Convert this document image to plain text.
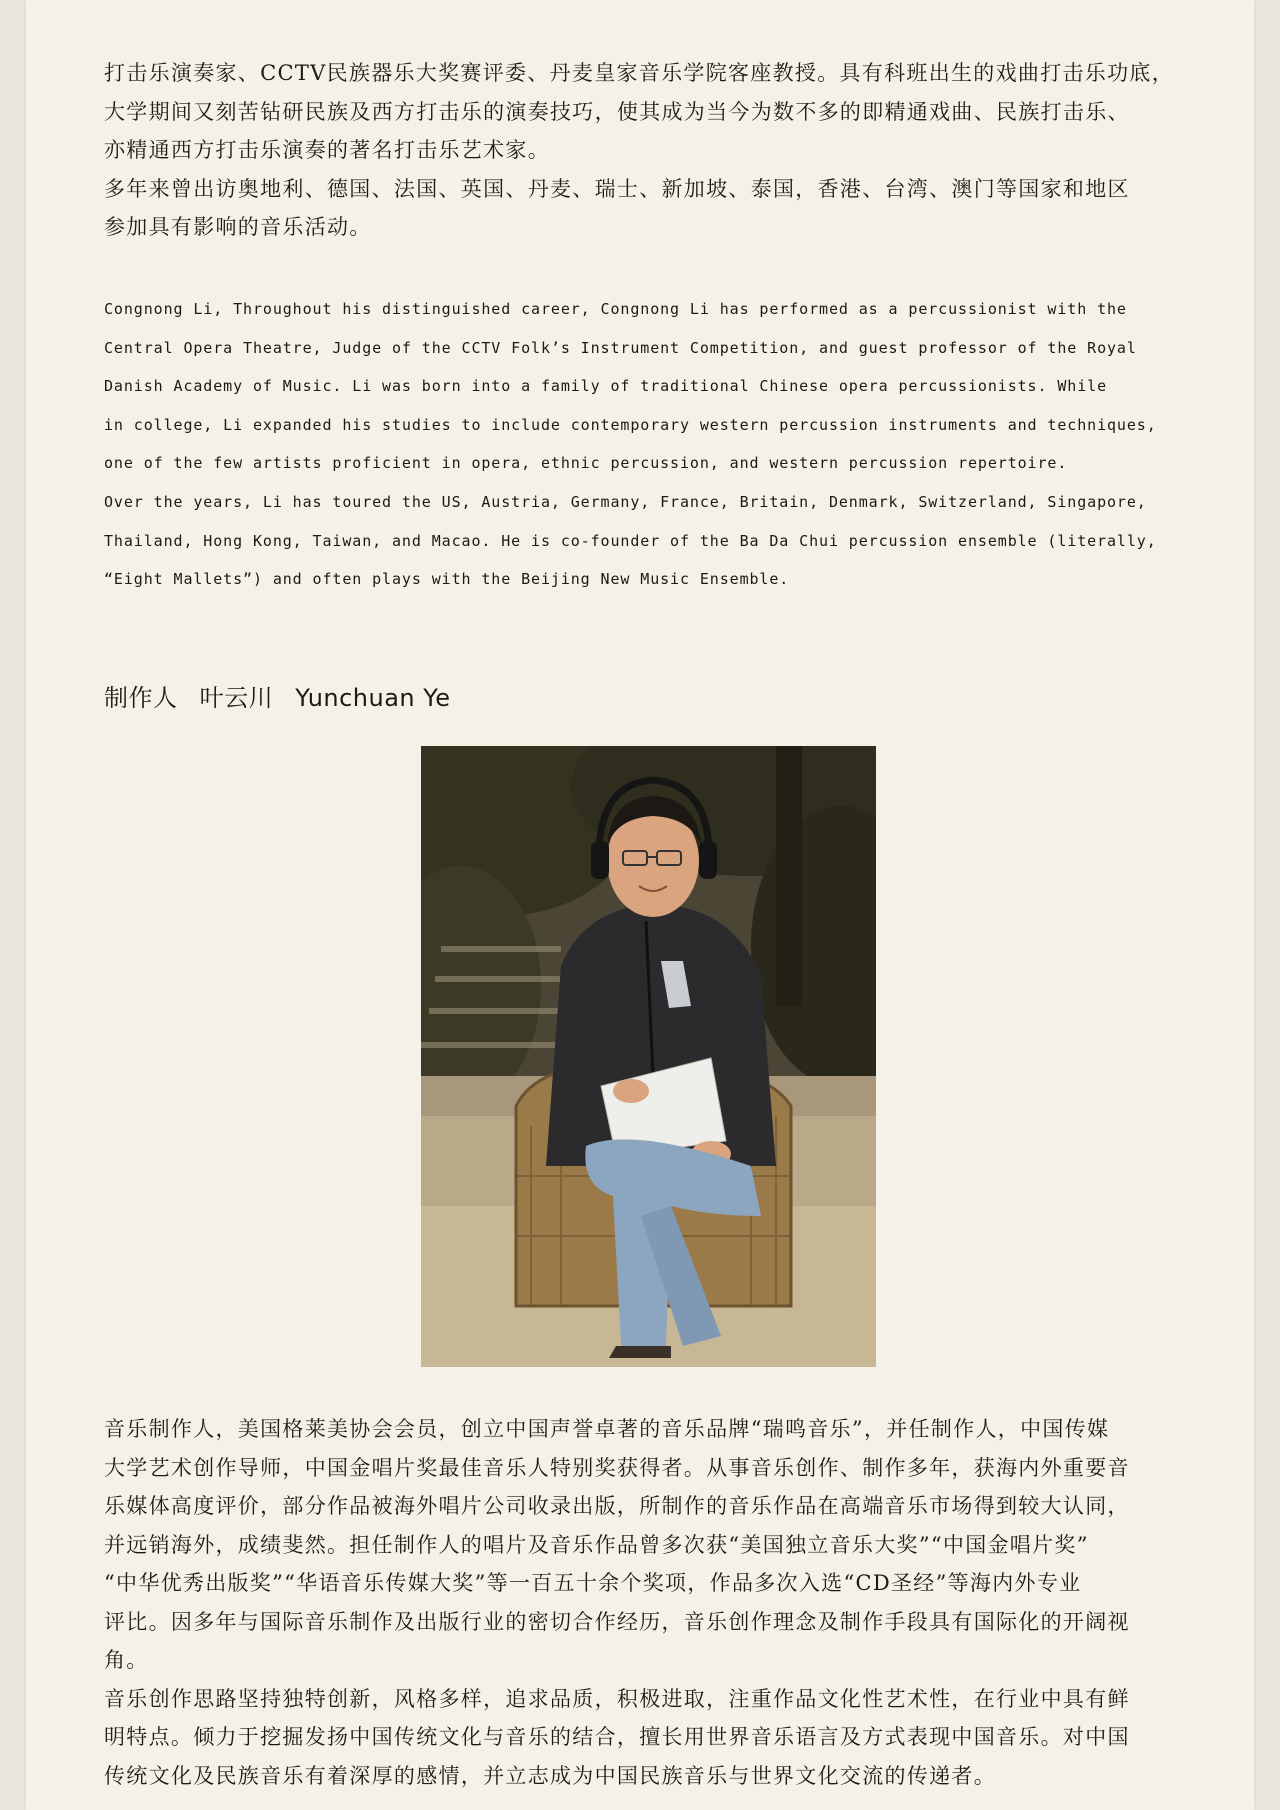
打击乐演奏家、CCTV民族器乐大奖赛评委、丹麦皇家音乐学院客座教授。具有科班出生的戏曲打击乐功底，
大学期间又刻苦钻研民族及西方打击乐的演奏技巧，使其成为当今为数不多的即精通戏曲、民族打击乐、
亦精通西方打击乐演奏的著名打击乐艺术家。
多年来曾出访奥地利、德国、法国、英国、丹麦、瑞士、新加坡、泰国，香港、台湾、澳门等国家和地区
参加具有影响的音乐活动。
Congnong Li, Throughout his distinguished career, Congnong Li has performed as a percussionist with the
Central Opera Theatre, Judge of the CCTV Folk’s Instrument Competition, and guest professor of the Royal
Danish Academy of Music. Li was born into a family of traditional Chinese opera percussionists. While
in college, Li expanded his studies to include contemporary western percussion instruments and techniques,
one of the few artists proficient in opera, ethnic percussion, and western percussion repertoire.
Over the years, Li has toured the US, Austria, Germany, France, Britain, Denmark, Switzerland, Singapore,
Thailand, Hong Kong, Taiwan, and Macao. He is co-founder of the Ba Da Chui percussion ensemble (literally,
“Eight Mallets”) and often plays with the Beijing New Music Ensemble.
制作人 叶云川 Yunchuan Ye
音乐制作人，美国格莱美协会会员，创立中国声誉卓著的音乐品牌“瑞鸣音乐”，并任制作人，中国传媒
大学艺术创作导师，中国金唱片奖最佳音乐人特别奖获得者。从事音乐创作、制作多年，获海内外重要音
乐媒体高度评价，部分作品被海外唱片公司收录出版，所制作的音乐作品在高端音乐市场得到较大认同，
并远销海外，成绩斐然。担任制作人的唱片及音乐作品曾多次获“美国独立音乐大奖”“中国金唱片奖”
“中华优秀出版奖”“华语音乐传媒大奖”等一百五十余个奖项，作品多次入选“CD圣经”等海内外专业
评比。因多年与国际音乐制作及出版行业的密切合作经历，音乐创作理念及制作手段具有国际化的开阔视
角。
音乐创作思路坚持独特创新，风格多样，追求品质，积极进取，注重作品文化性艺术性，在行业中具有鲜
明特点。倾力于挖掘发扬中国传统文化与音乐的结合，擅长用世界音乐语言及方式表现中国音乐。对中国
传统文化及民族音乐有着深厚的感情，并立志成为中国民族音乐与世界文化交流的传递者。
